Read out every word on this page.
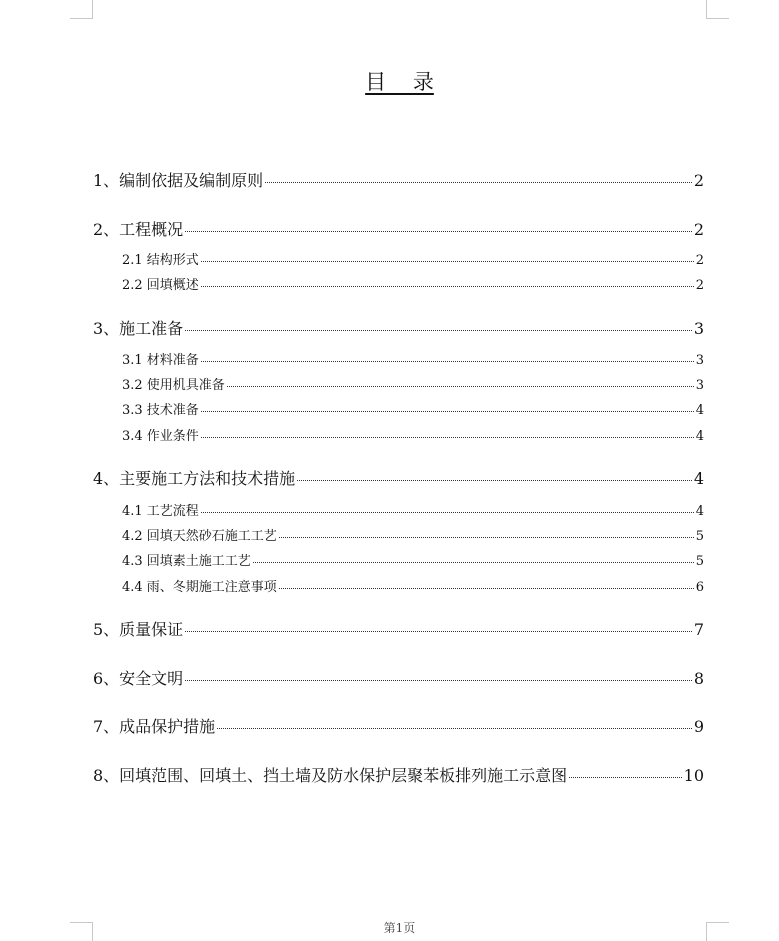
目    录
1、编制依据及编制原则	2
2、工程概况	2
2.1 结构形式	2
2.2 回填概述	2
3、施工准备	3
3.1 材料准备	3
3.2 使用机具准备	3
3.3 技术准备	4
3.4 作业条件	4
4、主要施工方法和技术措施	4
4.1 工艺流程	4
4.2 回填天然砂石施工工艺	5
4.3 回填素土施工工艺	5
4.4 雨、冬期施工注意事项	6
5、质量保证	7
6、安全文明	8
7、成品保护措施	9
8、回填范围、回填土、挡土墙及防水保护层聚苯板排列施工示意图	10
第1页
